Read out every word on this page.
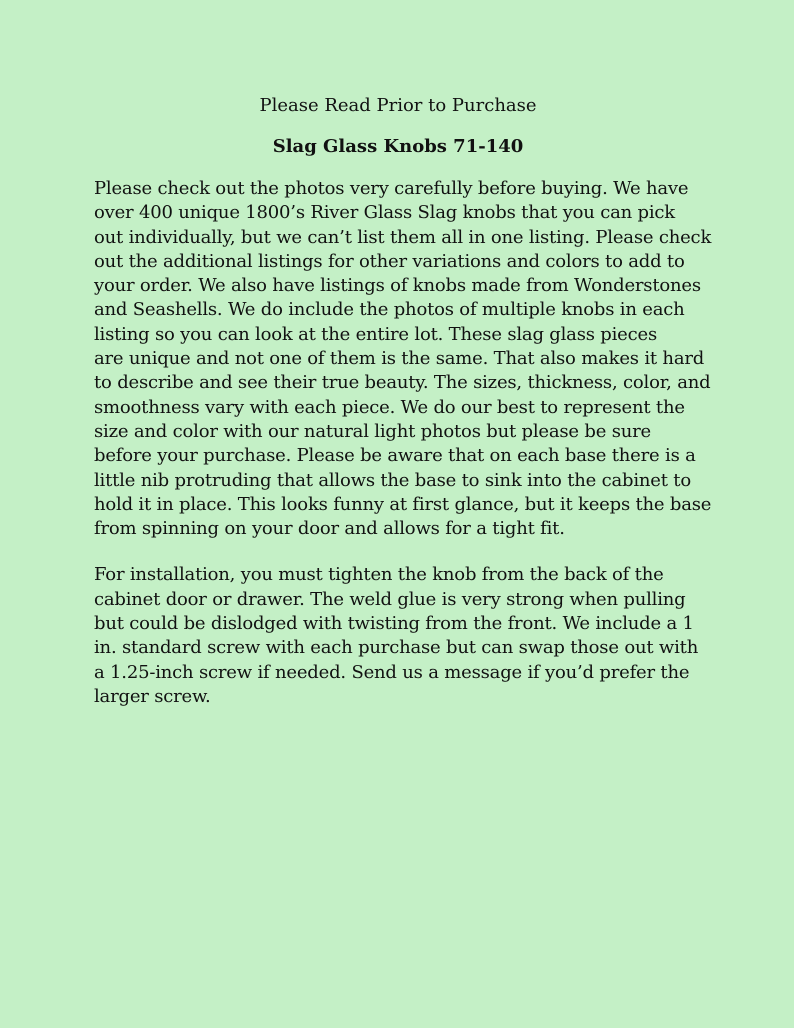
Please Read Prior to Purchase

Slag Glass Knobs 71-140

Please check out the photos very carefully before buying. We have
over 400 unique 1800’s River Glass Slag knobs that you can pick
out individually, but we can’t list them all in one listing. Please check
out the additional listings for other variations and colors to add to
your order. We also have listings of knobs made from Wonderstones
and Seashells. We do include the photos of multiple knobs in each
listing so you can look at the entire lot. These slag glass pieces
are unique and not one of them is the same. That also makes it hard
to describe and see their true beauty. The sizes, thickness, color, and
smoothness vary with each piece. We do our best to represent the
size and color with our natural light photos but please be sure
before your purchase. Please be aware that on each base there is a
little nib protruding that allows the base to sink into the cabinet to
hold it in place. This looks funny at first glance, but it keeps the base
from spinning on your door and allows for a tight fit.

For installation, you must tighten the knob from the back of the
cabinet door or drawer. The weld glue is very strong when pulling
but could be dislodged with twisting from the front. We include a 1
in. standard screw with each purchase but can swap those out with
a 1.25-inch screw if needed. Send us a message if you’d prefer the
larger screw.
